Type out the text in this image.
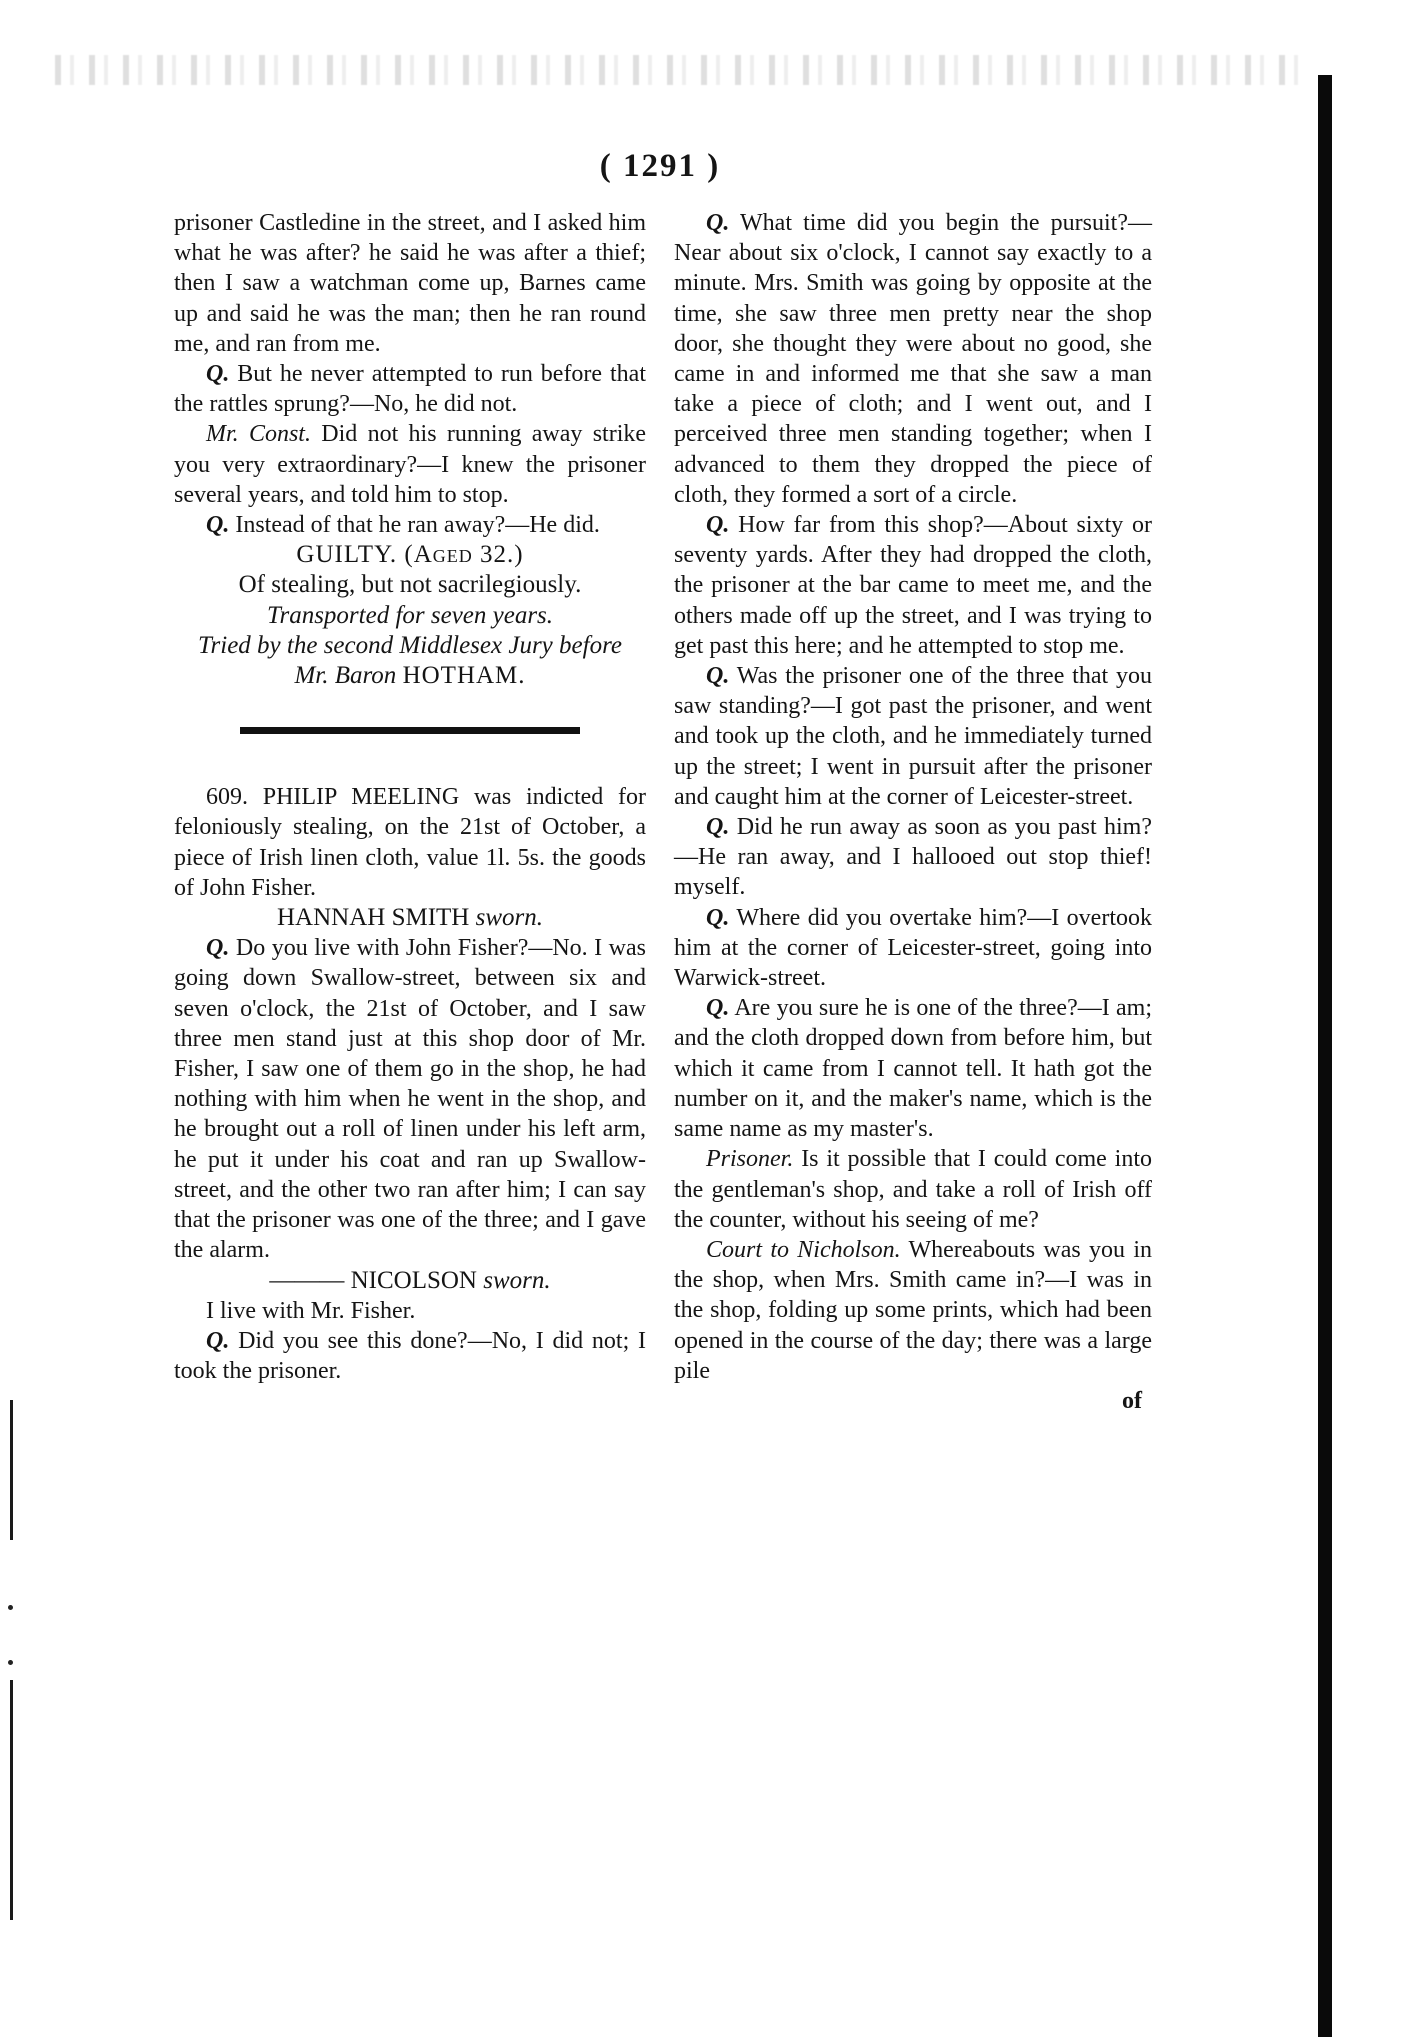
( 1291 )

prisoner Castledine in the street, and I asked him what he was after? he said he was after a thief; then I saw a watchman come up, Barnes came up and said he was the man; then he ran round me, and ran from me.

Q. But he never attempted to run before that the rattles sprung?—No, he did not.

Mr. Const. Did not his running away strike you very extraordinary?—I knew the prisoner several years, and told him to stop.

Q. Instead of that he ran away?—He did.

GUILTY. (Aged 32.)

Of stealing, but not sacrilegiously.

Transported for seven years.

Tried by the second Middlesex Jury before

Mr. Baron HOTHAM.

609. PHILIP MEELING was indicted for feloniously stealing, on the 21st of October, a piece of Irish linen cloth, value 1l. 5s. the goods of John Fisher.

HANNAH SMITH sworn.

Q. Do you live with John Fisher?—No. I was going down Swallow-street, between six and seven o'clock, the 21st of October, and I saw three men stand just at this shop door of Mr. Fisher, I saw one of them go in the shop, he had nothing with him when he went in the shop, and he brought out a roll of linen under his left arm, he put it under his coat and ran up Swallow-street, and the other two ran after him; I can say that the prisoner was one of the three; and I gave the alarm.

——— NICOLSON sworn.

I live with Mr. Fisher.

Q. Did you see this done?—No, I did not; I took the prisoner.

Q. What time did you begin the pursuit?—Near about six o'clock, I cannot say exactly to a minute. Mrs. Smith was going by opposite at the time, she saw three men pretty near the shop door, she thought they were about no good, she came in and informed me that she saw a man take a piece of cloth; and I went out, and I perceived three men standing together; when I advanced to them they dropped the piece of cloth, they formed a sort of a circle.

Q. How far from this shop?—About sixty or seventy yards. After they had dropped the cloth, the prisoner at the bar came to meet me, and the others made off up the street, and I was trying to get past this here; and he attempted to stop me.

Q. Was the prisoner one of the three that you saw standing?—I got past the prisoner, and went and took up the cloth, and he immediately turned up the street; I went in pursuit after the prisoner and caught him at the corner of Leicester-street.

Q. Did he run away as soon as you past him?—He ran away, and I hallooed out stop thief! myself.

Q. Where did you overtake him?—I overtook him at the corner of Leicester-street, going into Warwick-street.

Q. Are you sure he is one of the three?—I am; and the cloth dropped down from before him, but which it came from I cannot tell. It hath got the number on it, and the maker's name, which is the same name as my master's.

Prisoner. Is it possible that I could come into the gentleman's shop, and take a roll of Irish off the counter, without his seeing of me?

Court to Nicholson. Whereabouts was you in the shop, when Mrs. Smith came in?—I was in the shop, folding up some prints, which had been opened in the course of the day; there was a large pile

of
